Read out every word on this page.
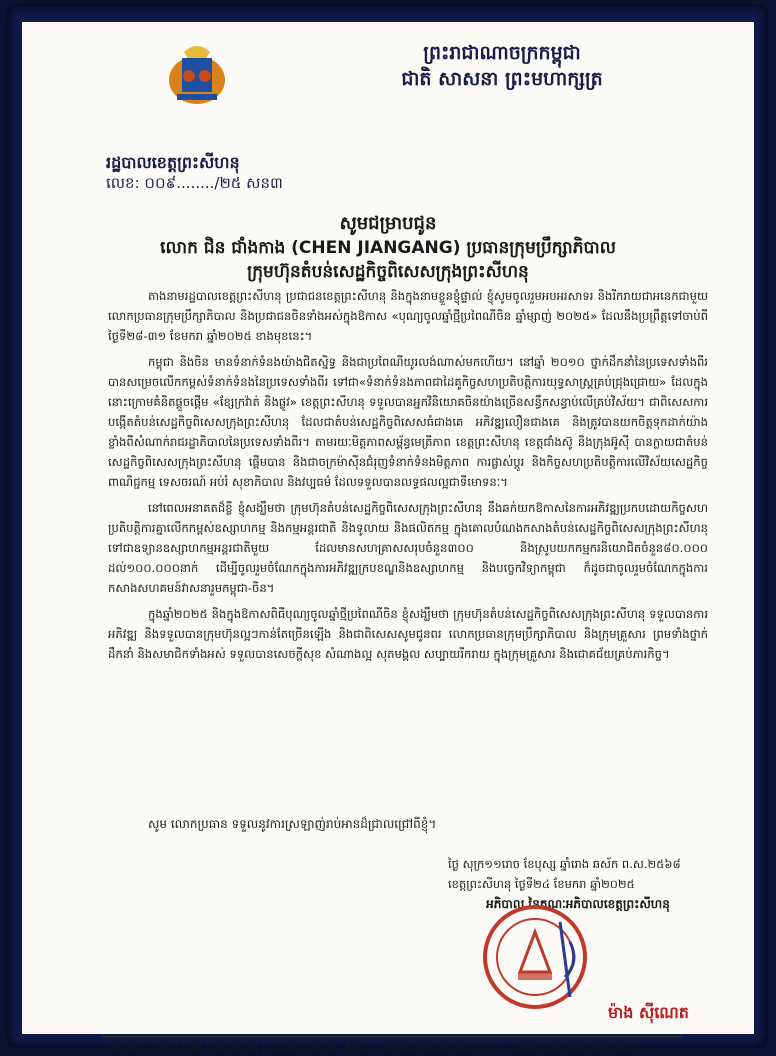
ព្រះរាជាណាចក្រកម្ពុជា
ជាតិ សាសនា ព្រះមហាក្សត្រ
រដ្ឋបាលខេត្តព្រះសីហនុ
លេខ: ០០៩......../២៥ សន៣
សូមជម្រាបជូន
លោក ជិន ជាំងកាង (CHEN JIANGANG) ប្រធានក្រុមប្រឹក្សាភិបាល
ក្រុមហ៊ុនតំបន់សេដ្ឋកិច្ចពិសេសក្រុងព្រះសីហនុ

តាងនាមរដ្ឋបាលខេត្តព្រះសីហនុ ប្រជាជនខេត្តព្រះសីហនុ និងក្នុងនាមខ្លួនខ្ញុំផ្ទាល់ ខ្ញុំសូមចូលរួមអបអរសាទរ និងរីករាយជាអនេកជាមួយ លោកប្រធានក្រុមប្រឹក្សាភិបាល និងប្រជាជនចិនទាំងអស់ក្នុងឱកាស «បុណ្យចូលឆ្នាំថ្មីប្រពៃណីចិន ឆ្នាំម្សាញ់ ២០២៥» ដែលនឹងប្រព្រឹត្តទៅចាប់ពីថ្ងៃទី២៨-៣១ ខែមករា ឆ្នាំ២០២៥ ខាងមុខនេះ។

កម្ពុជា និងចិន មានទំនាក់ទំនងយ៉ាងជិតស្និទ្ធ និងជាប្រពៃណីយូរលង់ណាស់មកហើយ។ នៅឆ្នាំ ២០១០ ថ្នាក់ដឹកនាំនៃប្រទេសទាំងពីរ បានសម្រេចលើកកម្ពស់ទំនាក់ទំនងនៃប្រទេសទាំងពីរ ទៅជា«ទំនាក់ទំនងភាពជាដៃគូកិច្ចសហប្រតិបត្តិការយុទ្ធសាស្ត្រគ្រប់ជ្រុងជ្រោយ» ដែលក្នុងនោះក្រោមគំនិតផ្តួចផ្តើម «ខ្សែក្រវ៉ាត់ និងផ្លូវ» ខេត្តព្រះសីហនុ ទទួលបានអ្នកវិនិយោគចិនយ៉ាងច្រើនសន្ធឹកសន្ធាប់លើគ្រប់វិស័យ។ ជាពិសេសការបង្កើតតំបន់សេដ្ឋកិច្ចពិសេសក្រុងព្រះសីហនុ ដែលជាតំបន់សេដ្ឋកិច្ចពិសេសធំជាងគេ អភិវឌ្ឍលឿនជាងគេ និងត្រូវបានយកចិត្តទុកដាក់យ៉ាងខ្លាំងពីសំណាក់រាជរដ្ឋាភិបាលនៃប្រទេសទាំងពីរ។ តាមរយៈមិត្តភាពសម្ព័ន្ធមេត្រីភាព ខេត្តព្រះសីហនុ ខេត្តជាំងស៊ូ និងក្រុងអ៊ូស៊ី បានក្លាយជាតំបន់សេដ្ឋកិច្ចពិសេសក្រុងព្រះសីហនុ ផ្តើមបាន និងជាចក្រម៉ាស៊ីនជំរុញទំនាក់ទំនងមិត្តភាព ការផ្លាស់ប្តូរ និងកិច្ចសហប្រតិបត្តិការលើវិស័យសេដ្ឋកិច្ច ពាណិជ្ជកម្ម ទេសចរណ៍ អប់រំ សុខាភិបាល និងវប្បធម៌ ដែលទទួលបានលទ្ធផលល្អជាទីមោទនៈ។

នៅពេលអនាគតដ៏ខ្លី ខ្ញុំសង្ឃឹមថា ក្រុមហ៊ុនតំបន់សេដ្ឋកិច្ចពិសេសក្រុងព្រះសីហនុ នឹងឆក់យកឱកាសនៃការអភិវឌ្ឍប្រកបដោយកិច្ចសហប្រតិបត្តិការគ្នាលើកកម្ពស់ឧស្សាហកម្ម និងកម្មអន្តរជាតិ និងទូលាយ និងផលិតកម្ម ក្នុងគោលបំណងកសាងតំបន់សេដ្ឋកិច្ចពិសេសក្រុងព្រះសីហនុ ទៅជាឧទ្យានឧស្សាហកម្មអន្តរជាតិមួយ ដែលមានសហគ្រាសសរុបចំនួន៣០០ និងស្រូបយកកម្មករនិយោជិតចំនួន៨០.០០០ ដល់១០០.០០០នាក់ ដើម្បីចូលរួមចំណែកក្នុងការអភិវឌ្ឍក្របខណ្ឌនិងឧស្សាហកម្ម និងបច្ចេកវិទ្យាកម្ពុជា ក៏ដូចជាចូលរួមចំណែកក្នុងការកសាងសហគមន៍វាសនារួមកម្ពុជា-ចិន។

ក្នុងឆ្នាំ២០២៥ និងក្នុងឱកាសពិធីបុណ្យចូលឆ្នាំថ្មីប្រពៃណីចិន ខ្ញុំសង្ឃឹមថា ក្រុមហ៊ុនតំបន់សេដ្ឋកិច្ចពិសេសក្រុងព្រះសីហនុ ទទួលបានការអភិវឌ្ឍ និងទទួលបានក្រុមហ៊ុនល្អៗកាន់តែច្រើនឡើង និងជាពិសេសសូមជូនពរ លោកប្រធានក្រុមប្រឹក្សាភិបាល និងក្រុមគ្រួសារ ព្រមទាំងថ្នាក់ដឹកនាំ និងសមាជិកទាំងអស់ ទទួលបានសេចក្តីសុខ សំណាងល្អ សុភមង្គល សប្បាយរីករាយ ក្នុងក្រុមគ្រួសារ និងជោគជ័យគ្រប់ភារកិច្ច។

សូម លោកប្រធាន ទទួលនូវការស្រឡាញ់រាប់អានដ៏ជ្រាលជ្រៅពីខ្ញុំ។
ថ្ងៃ សុក្រ១១រោច ខែបុស្ស ឆ្នាំរោង ឆស័ក ព.ស.២៥៦៨
ខេត្តព្រះសីហនុ ថ្ងៃទី២៤ ខែមករា ឆ្នាំ២០២៥
អភិបាល នៃគណៈអភិបាលខេត្តព្រះសីហនុ
ម៉ាង ស៊ីណេត
អាសយដ្ឋាន: វិថីក្រុង ភូមិ៣ សង្កាត់លេខ៣ ក្រុង-ខេត្តព្រះសីហនុ Email: adminshpro@gmail.com, www.sihanoukville.gov.kh
